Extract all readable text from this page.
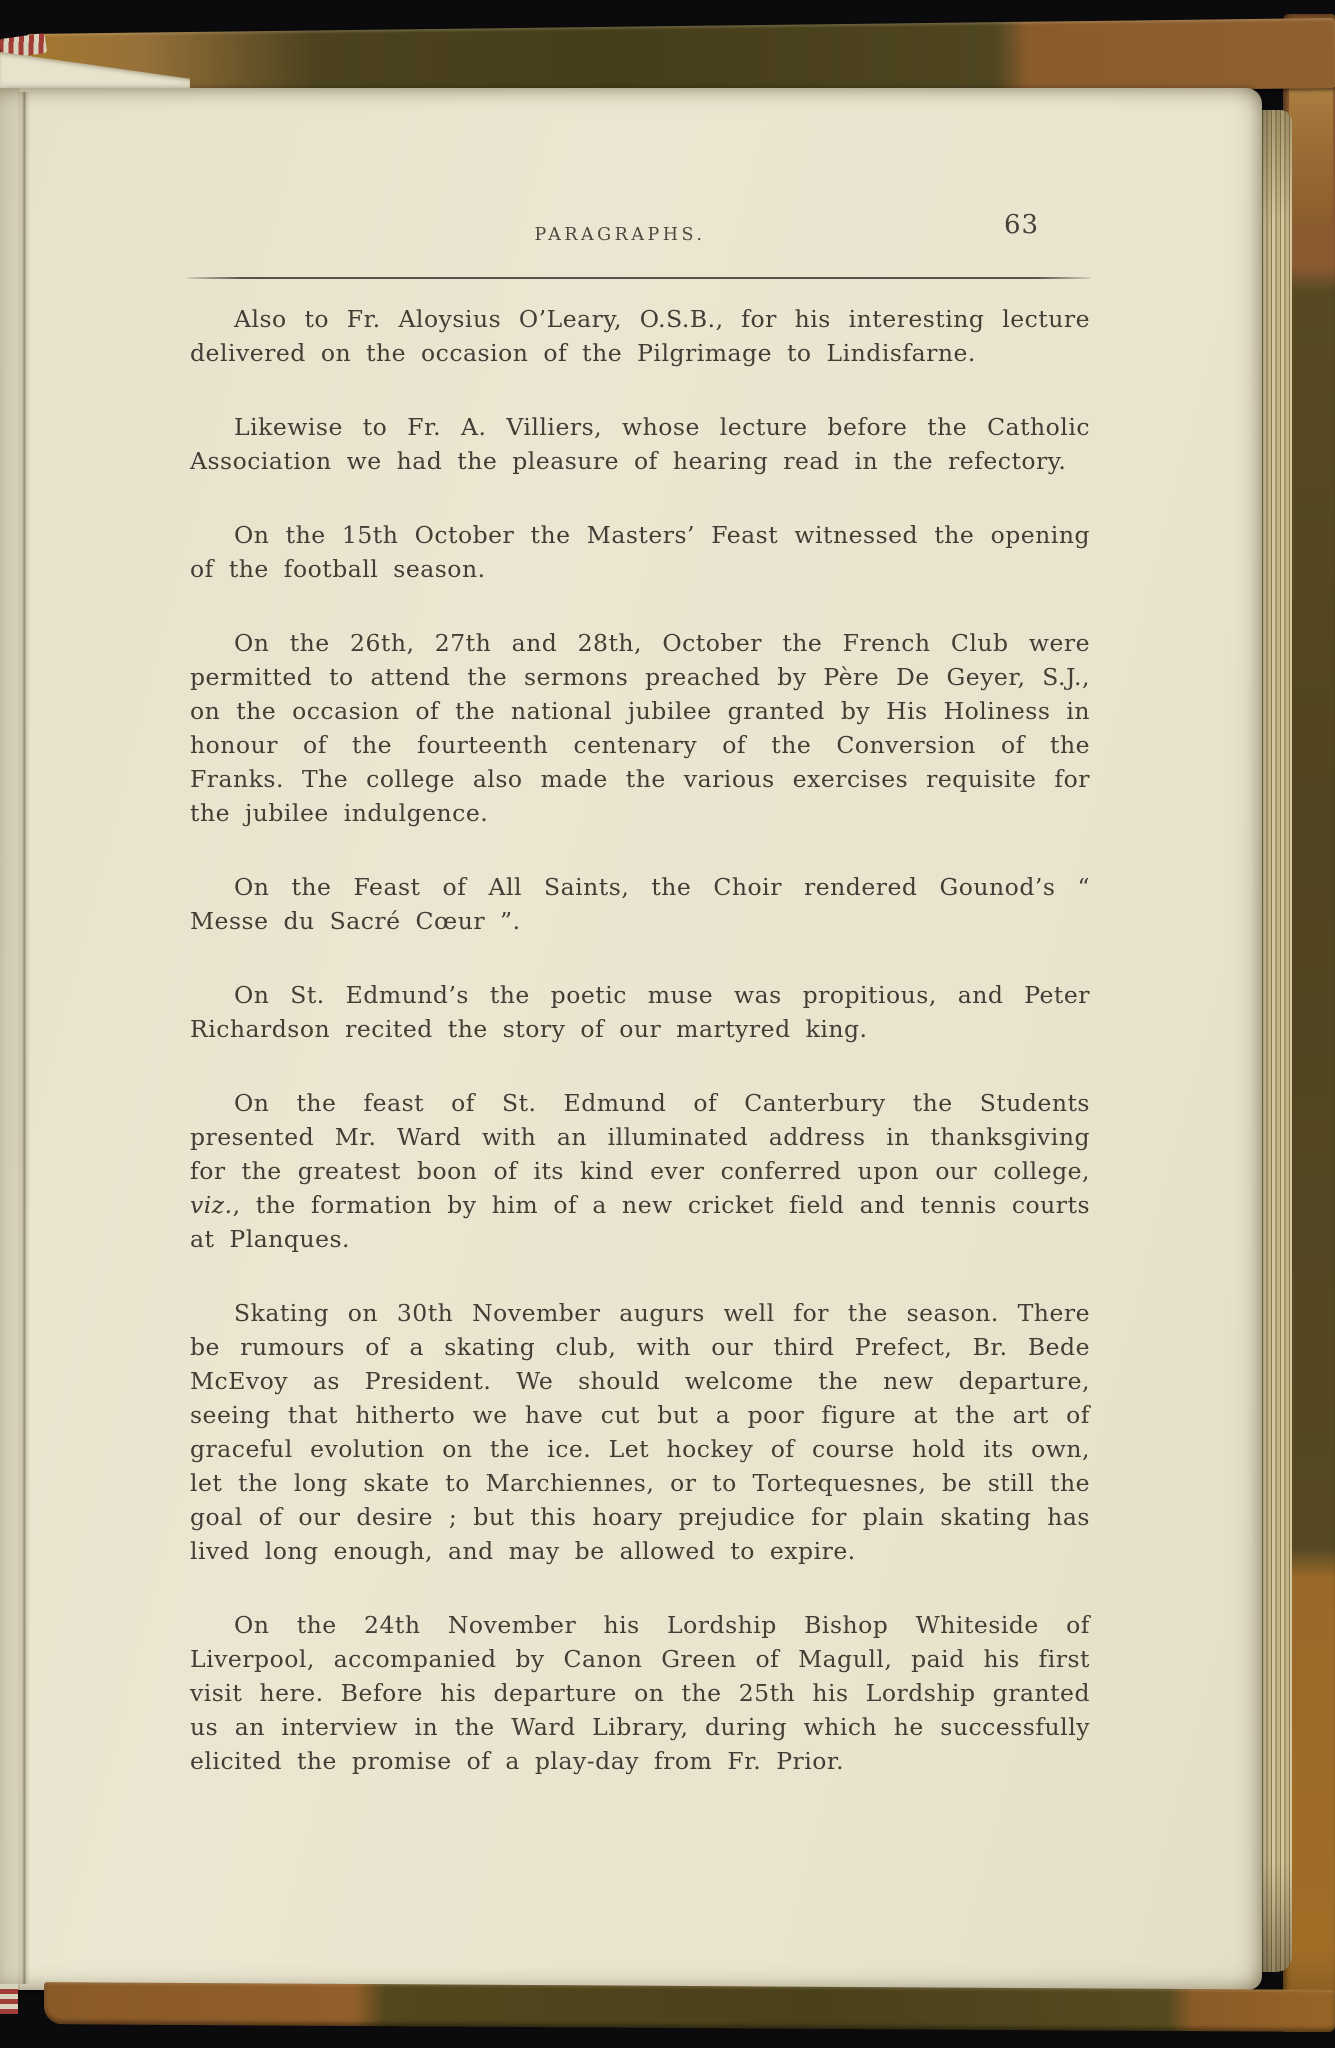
PARAGRAPHS.	63

Also to Fr. Aloysius O’Leary, O.S.B., for his interesting lecture delivered on the occasion of the Pilgrimage to Lindisfarne.

Likewise to Fr. A. Villiers, whose lecture before the Catholic Association we had the pleasure of hearing read in the refectory.

On the 15th October the Masters’ Feast witnessed the opening of the football season.

On the 26th, 27th and 28th, October the French Club were permitted to attend the sermons preached by Père De Geyer, S.J., on the occasion of the national jubilee granted by His Holiness in honour of the fourteenth centenary of the Conversion of the Franks. The college also made the various exercises requisite for the jubilee indulgence.

On the Feast of All Saints, the Choir rendered Gounod’s “ Messe du Sacré Cœur ”.

On St. Edmund’s the poetic muse was propitious, and Peter Richardson recited the story of our martyred king.

On the feast of St. Edmund of Canterbury the Students presented Mr. Ward with an illuminated address in thanksgiving for the greatest boon of its kind ever conferred upon our college, viz., the formation by him of a new cricket field and tennis courts at Planques.

Skating on 30th November augurs well for the season. There be rumours of a skating club, with our third Prefect, Br. Bede McEvoy as President. We should welcome the new departure, seeing that hitherto we have cut but a poor figure at the art of graceful evolution on the ice. Let hockey of course hold its own, let the long skate to Marchiennes, or to Tortequesnes, be still the goal of our desire ; but this hoary prejudice for plain skating has lived long enough, and may be allowed to expire.

On the 24th November his Lordship Bishop Whiteside of Liverpool, accompanied by Canon Green of Magull, paid his first visit here. Before his departure on the 25th his Lordship granted us an interview in the Ward Library, during which he successfully elicited the promise of a play-day from Fr. Prior.
